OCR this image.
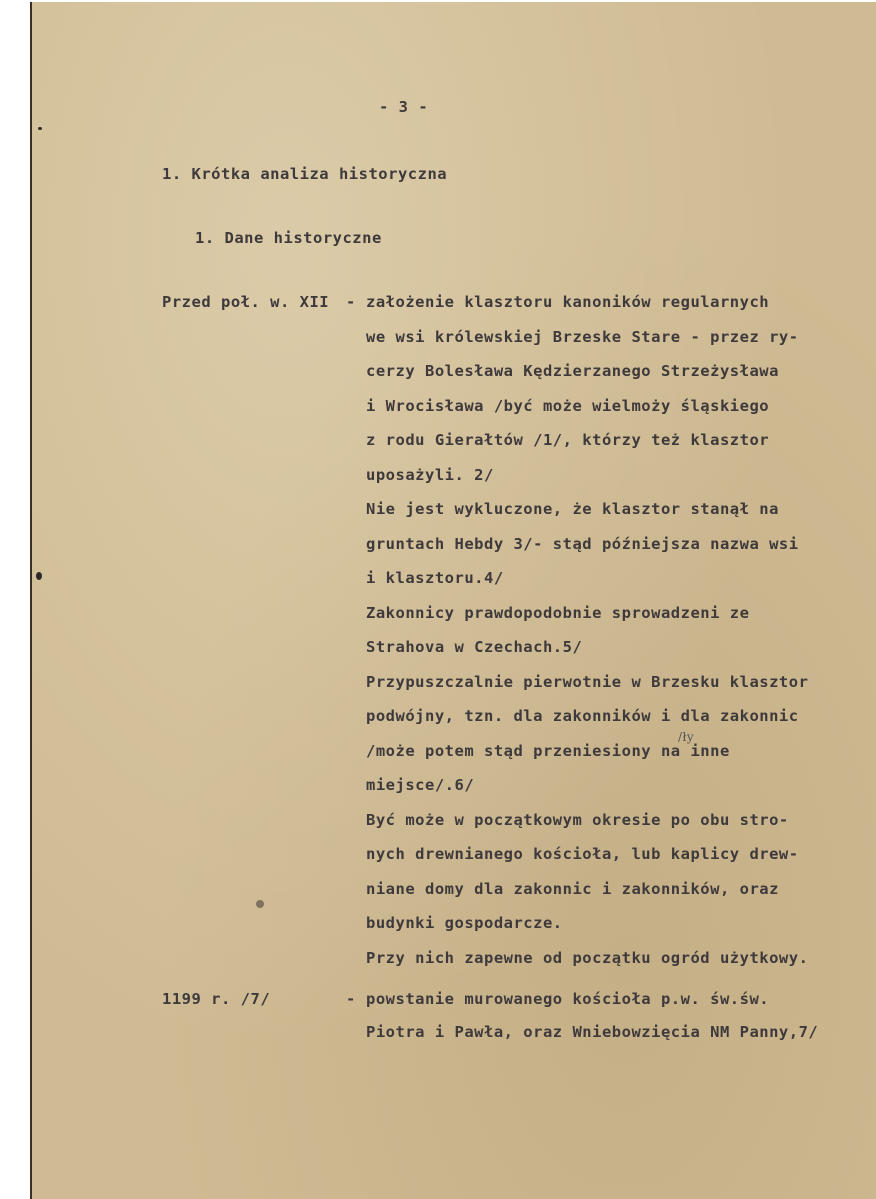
- 3 -
1. Krótka analiza historyczna
1. Dane historyczne
Przed poł. w. XII - założenie klasztoru kanoników regularnych
we wsi królewskiej Brzeske Stare - przez ry-
cerzy Bolesława Kędzierzanego Strzeżysława
i Wrocisława /być może wielmoży śląskiego
z rodu Gierałtów /1/, którzy też klasztor
uposażyli. 2/
Nie jest wykluczone, że klasztor stanął na
gruntach Hebdy 3/- stąd późniejsza nazwa wsi
i klasztoru.4/
Zakonnicy prawdopodobnie sprowadzeni ze
Strahova w Czechach.5/
Przypuszczalnie pierwotnie w Brzesku klasztor
podwójny, tzn. dla zakonników i dla zakonnic
/może potem stąd przeniesiony na inne
miejsce/.6/
Być może w początkowym okresie po obu stro-
nych drewnianego kościoła, lub kaplicy drew-
niane domy dla zakonnic i zakonników, oraz
budynki gospodarcze.
Przy nich zapewne od początku ogród użytkowy.
1199 r. /7/	- powstanie murowanego kościoła p.w. św.św.
Piotra i Pawła, oraz Wniebowzięcia NM Panny,7/
/ły
